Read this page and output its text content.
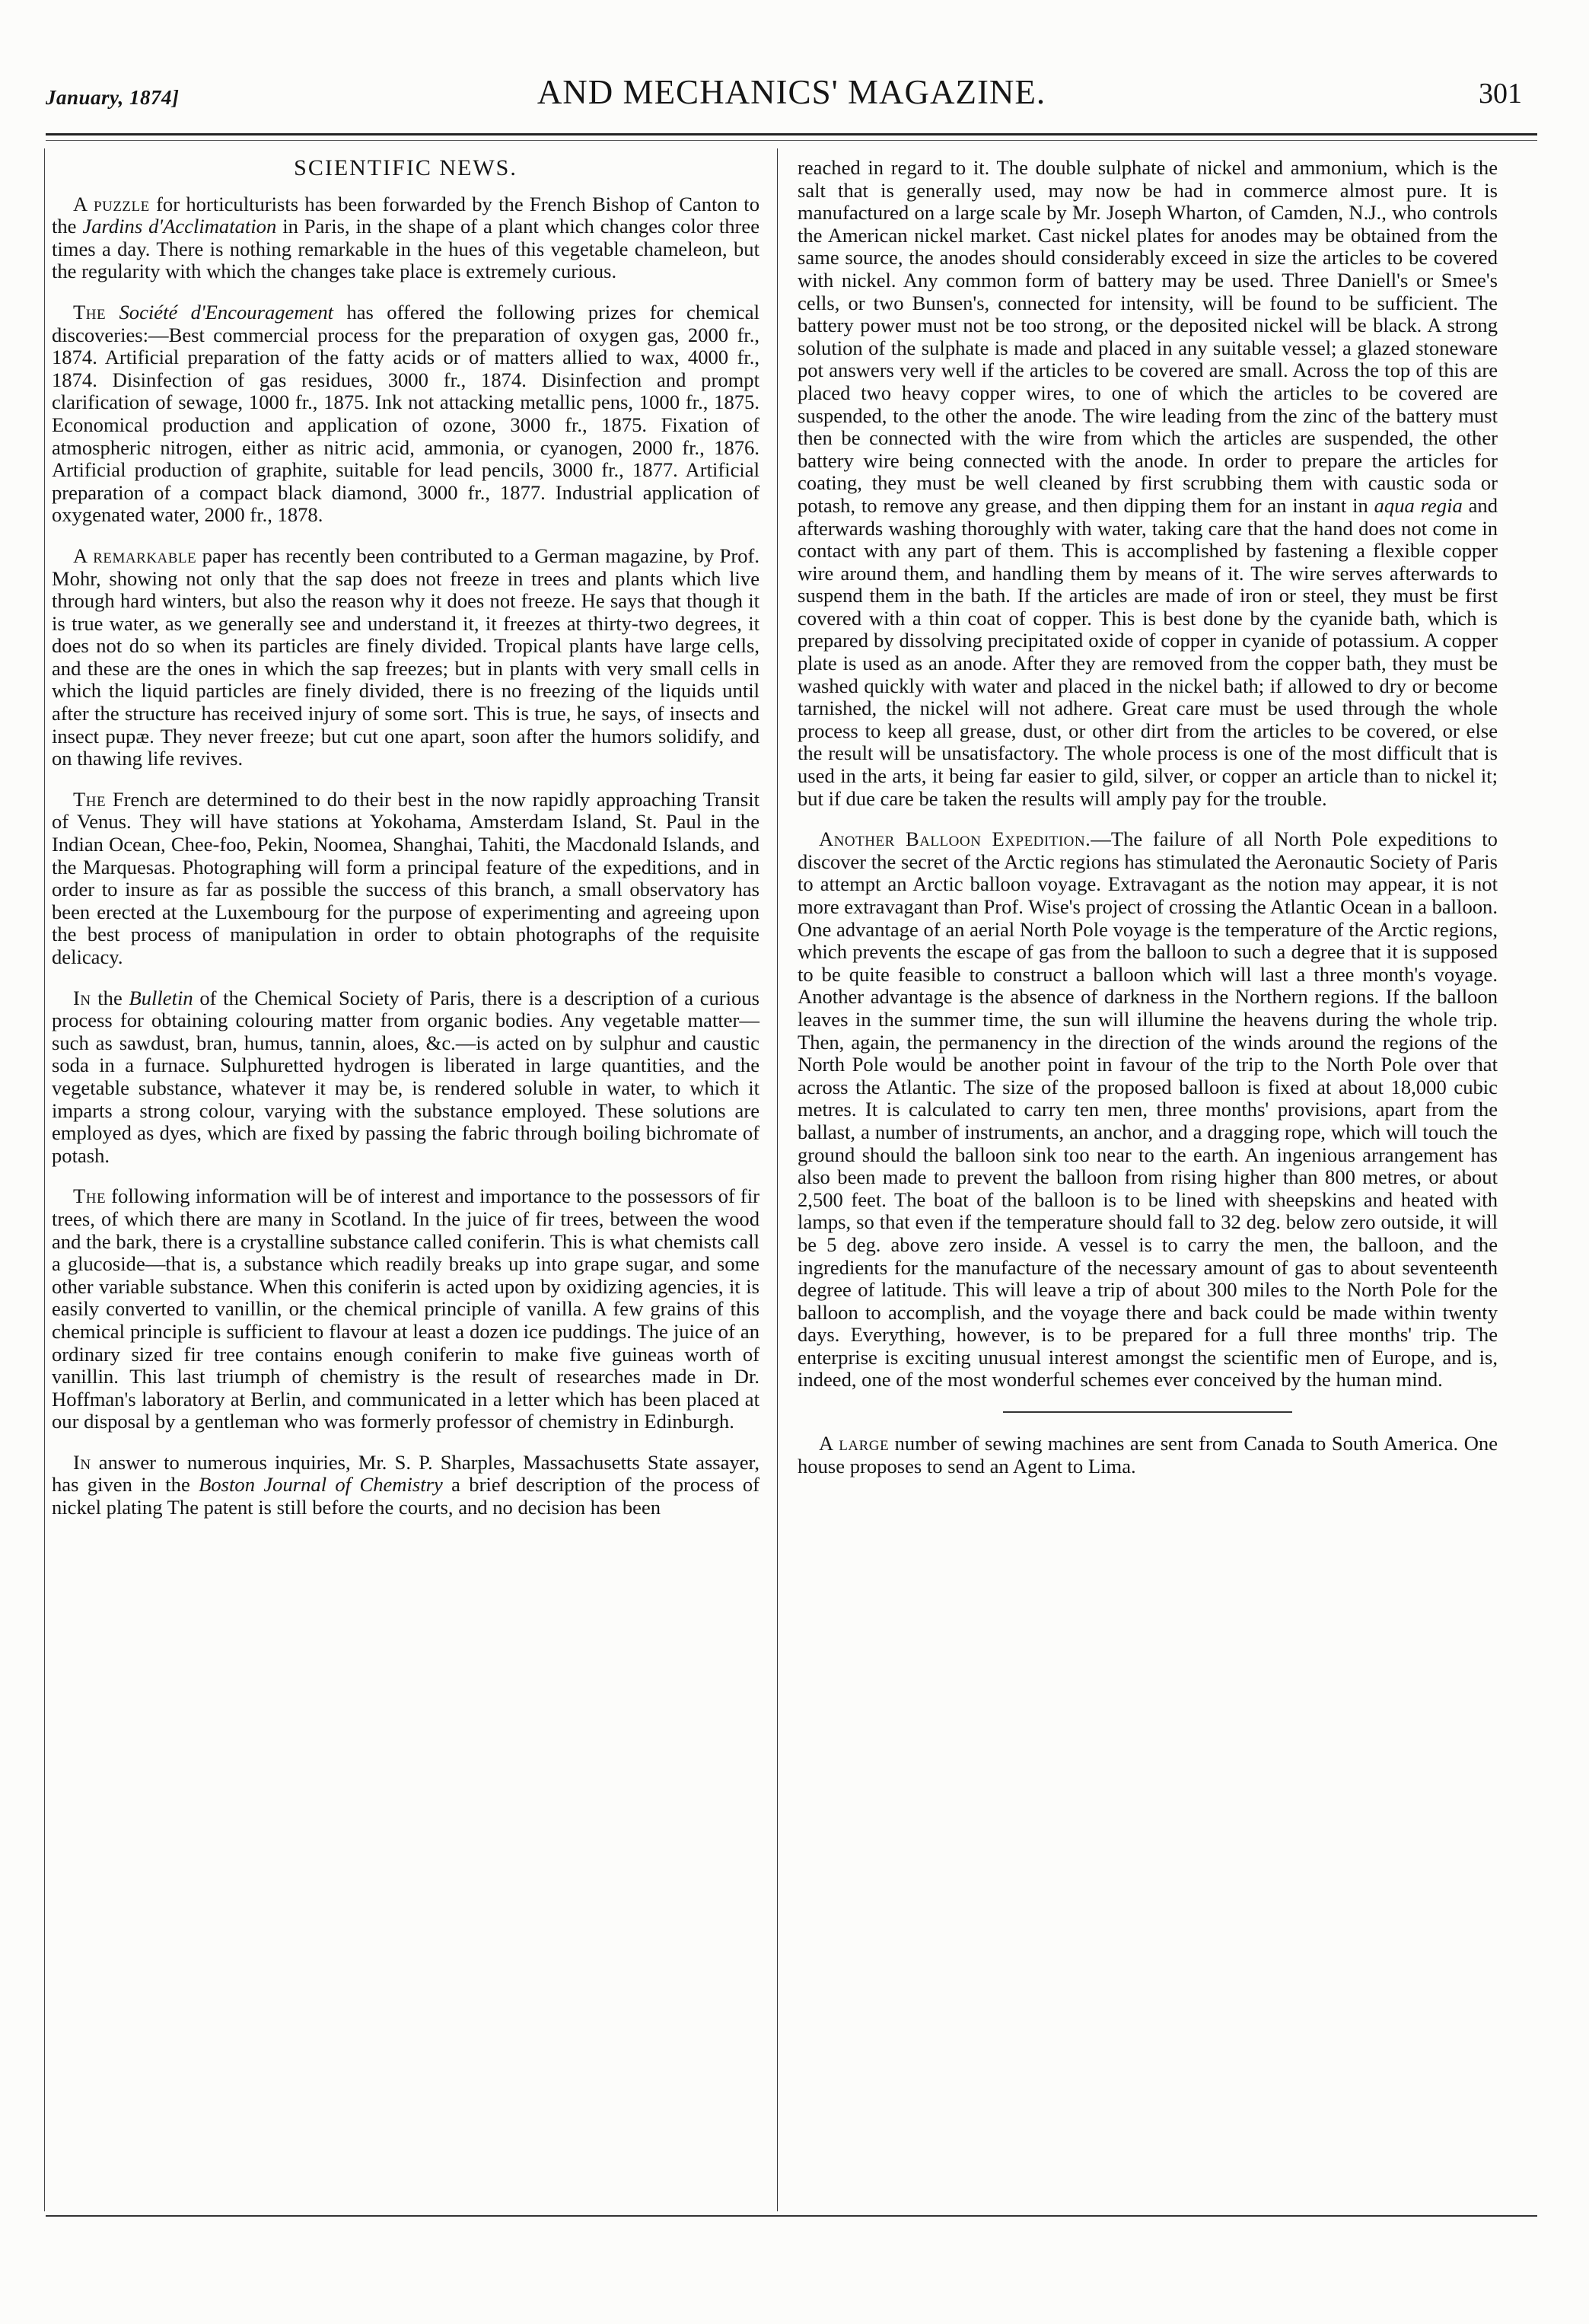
January, 1874]	AND MECHANICS' MAGAZINE.	301
SCIENTIFIC NEWS.

A puzzle for horticulturists has been forwarded by the French Bishop of Canton to the Jardins d'Acclimatation in Paris, in the shape of a plant which changes color three times a day. There is nothing remarkable in the hues of this vegetable chameleon, but the regularity with which the changes take place is extremely curious.

The Société d'Encouragement has offered the following prizes for chemical discoveries:—Best commercial process for the preparation of oxygen gas, 2000 fr., 1874. Artificial preparation of the fatty acids or of matters allied to wax, 4000 fr., 1874. Disinfection of gas residues, 3000 fr., 1874. Disinfection and prompt clarification of sewage, 1000 fr., 1875. Ink not attacking metallic pens, 1000 fr., 1875. Economical production and application of ozone, 3000 fr., 1875. Fixation of atmospheric nitrogen, either as nitric acid, ammonia, or cyanogen, 2000 fr., 1876. Artificial production of graphite, suitable for lead pencils, 3000 fr., 1877. Artificial preparation of a compact black diamond, 3000 fr., 1877. Industrial application of oxygenated water, 2000 fr., 1878.

A remarkable paper has recently been contributed to a German magazine, by Prof. Mohr, showing not only that the sap does not freeze in trees and plants which live through hard winters, but also the reason why it does not freeze. He says that though it is true water, as we generally see and understand it, it freezes at thirty-two degrees, it does not do so when its particles are finely divided. Tropical plants have large cells, and these are the ones in which the sap freezes; but in plants with very small cells in which the liquid particles are finely divided, there is no freezing of the liquids until after the structure has received injury of some sort. This is true, he says, of insects and insect pupæ. They never freeze; but cut one apart, soon after the humors solidify, and on thawing life revives.

The French are determined to do their best in the now rapidly approaching Transit of Venus. They will have stations at Yokohama, Amsterdam Island, St. Paul in the Indian Ocean, Chee-foo, Pekin, Noomea, Shanghai, Tahiti, the Macdonald Islands, and the Marquesas. Photographing will form a principal feature of the expeditions, and in order to insure as far as possible the success of this branch, a small observatory has been erected at the Luxembourg for the purpose of experimenting and agreeing upon the best process of manipulation in order to obtain photographs of the requisite delicacy.

In the Bulletin of the Chemical Society of Paris, there is a description of a curious process for obtaining colouring matter from organic bodies. Any vegetable matter—such as sawdust, bran, humus, tannin, aloes, &c.—is acted on by sulphur and caustic soda in a furnace. Sulphuretted hydrogen is liberated in large quantities, and the vegetable substance, whatever it may be, is rendered soluble in water, to which it imparts a strong colour, varying with the substance employed. These solutions are employed as dyes, which are fixed by passing the fabric through boiling bichromate of potash.

The following information will be of interest and importance to the possessors of fir trees, of which there are many in Scotland. In the juice of fir trees, between the wood and the bark, there is a crystalline substance called coniferin. This is what chemists call a glucoside—that is, a substance which readily breaks up into grape sugar, and some other variable substance. When this coniferin is acted upon by oxidizing agencies, it is easily converted to vanillin, or the chemical principle of vanilla. A few grains of this chemical principle is sufficient to flavour at least a dozen ice puddings. The juice of an ordinary sized fir tree contains enough coniferin to make five guineas worth of vanillin. This last triumph of chemistry is the result of researches made in Dr. Hoffman's laboratory at Berlin, and communicated in a letter which has been placed at our disposal by a gentleman who was formerly professor of chemistry in Edinburgh.

In answer to numerous inquiries, Mr. S. P. Sharples, Massachusetts State assayer, has given in the Boston Journal of Chemistry a brief description of the process of nickel plating The patent is still before the courts, and no decision has been

reached in regard to it. The double sulphate of nickel and ammonium, which is the salt that is generally used, may now be had in commerce almost pure. It is manufactured on a large scale by Mr. Joseph Wharton, of Camden, N.J., who controls the American nickel market. Cast nickel plates for anodes may be obtained from the same source, the anodes should considerably exceed in size the articles to be covered with nickel. Any common form of battery may be used. Three Daniell's or Smee's cells, or two Bunsen's, connected for intensity, will be found to be sufficient. The battery power must not be too strong, or the deposited nickel will be black. A strong solution of the sulphate is made and placed in any suitable vessel; a glazed stoneware pot answers very well if the articles to be covered are small. Across the top of this are placed two heavy copper wires, to one of which the articles to be covered are suspended, to the other the anode. The wire leading from the zinc of the battery must then be connected with the wire from which the articles are suspended, the other battery wire being connected with the anode. In order to prepare the articles for coating, they must be well cleaned by first scrubbing them with caustic soda or potash, to remove any grease, and then dipping them for an instant in aqua regia and afterwards washing thoroughly with water, taking care that the hand does not come in contact with any part of them. This is accomplished by fastening a flexible copper wire around them, and handling them by means of it. The wire serves afterwards to suspend them in the bath. If the articles are made of iron or steel, they must be first covered with a thin coat of copper. This is best done by the cyanide bath, which is prepared by dissolving precipitated oxide of copper in cyanide of potassium. A copper plate is used as an anode. After they are removed from the copper bath, they must be washed quickly with water and placed in the nickel bath; if allowed to dry or become tarnished, the nickel will not adhere. Great care must be used through the whole process to keep all grease, dust, or other dirt from the articles to be covered, or else the result will be unsatisfactory. The whole process is one of the most difficult that is used in the arts, it being far easier to gild, silver, or copper an article than to nickel it; but if due care be taken the results will amply pay for the trouble.

Another Balloon Expedition.—The failure of all North Pole expeditions to discover the secret of the Arctic regions has stimulated the Aeronautic Society of Paris to attempt an Arctic balloon voyage. Extravagant as the notion may appear, it is not more extravagant than Prof. Wise's project of crossing the Atlantic Ocean in a balloon. One advantage of an aerial North Pole voyage is the temperature of the Arctic regions, which prevents the escape of gas from the balloon to such a degree that it is supposed to be quite feasible to construct a balloon which will last a three month's voyage. Another advantage is the absence of darkness in the Northern regions. If the balloon leaves in the summer time, the sun will illumine the heavens during the whole trip. Then, again, the permanency in the direction of the winds around the regions of the North Pole would be another point in favour of the trip to the North Pole over that across the Atlantic. The size of the proposed balloon is fixed at about 18,000 cubic metres. It is calculated to carry ten men, three months' provisions, apart from the ballast, a number of instruments, an anchor, and a dragging rope, which will touch the ground should the balloon sink too near to the earth. An ingenious arrangement has also been made to prevent the balloon from rising higher than 800 metres, or about 2,500 feet. The boat of the balloon is to be lined with sheepskins and heated with lamps, so that even if the temperature should fall to 32 deg. below zero outside, it will be 5 deg. above zero inside. A vessel is to carry the men, the balloon, and the ingredients for the manufacture of the necessary amount of gas to about seventeenth degree of latitude. This will leave a trip of about 300 miles to the North Pole for the balloon to accomplish, and the voyage there and back could be made within twenty days. Everything, however, is to be prepared for a full three months' trip. The enterprise is exciting unusual interest amongst the scientific men of Europe, and is, indeed, one of the most wonderful schemes ever conceived by the human mind.

A large number of sewing machines are sent from Canada to South America. One house proposes to send an Agent to Lima.
